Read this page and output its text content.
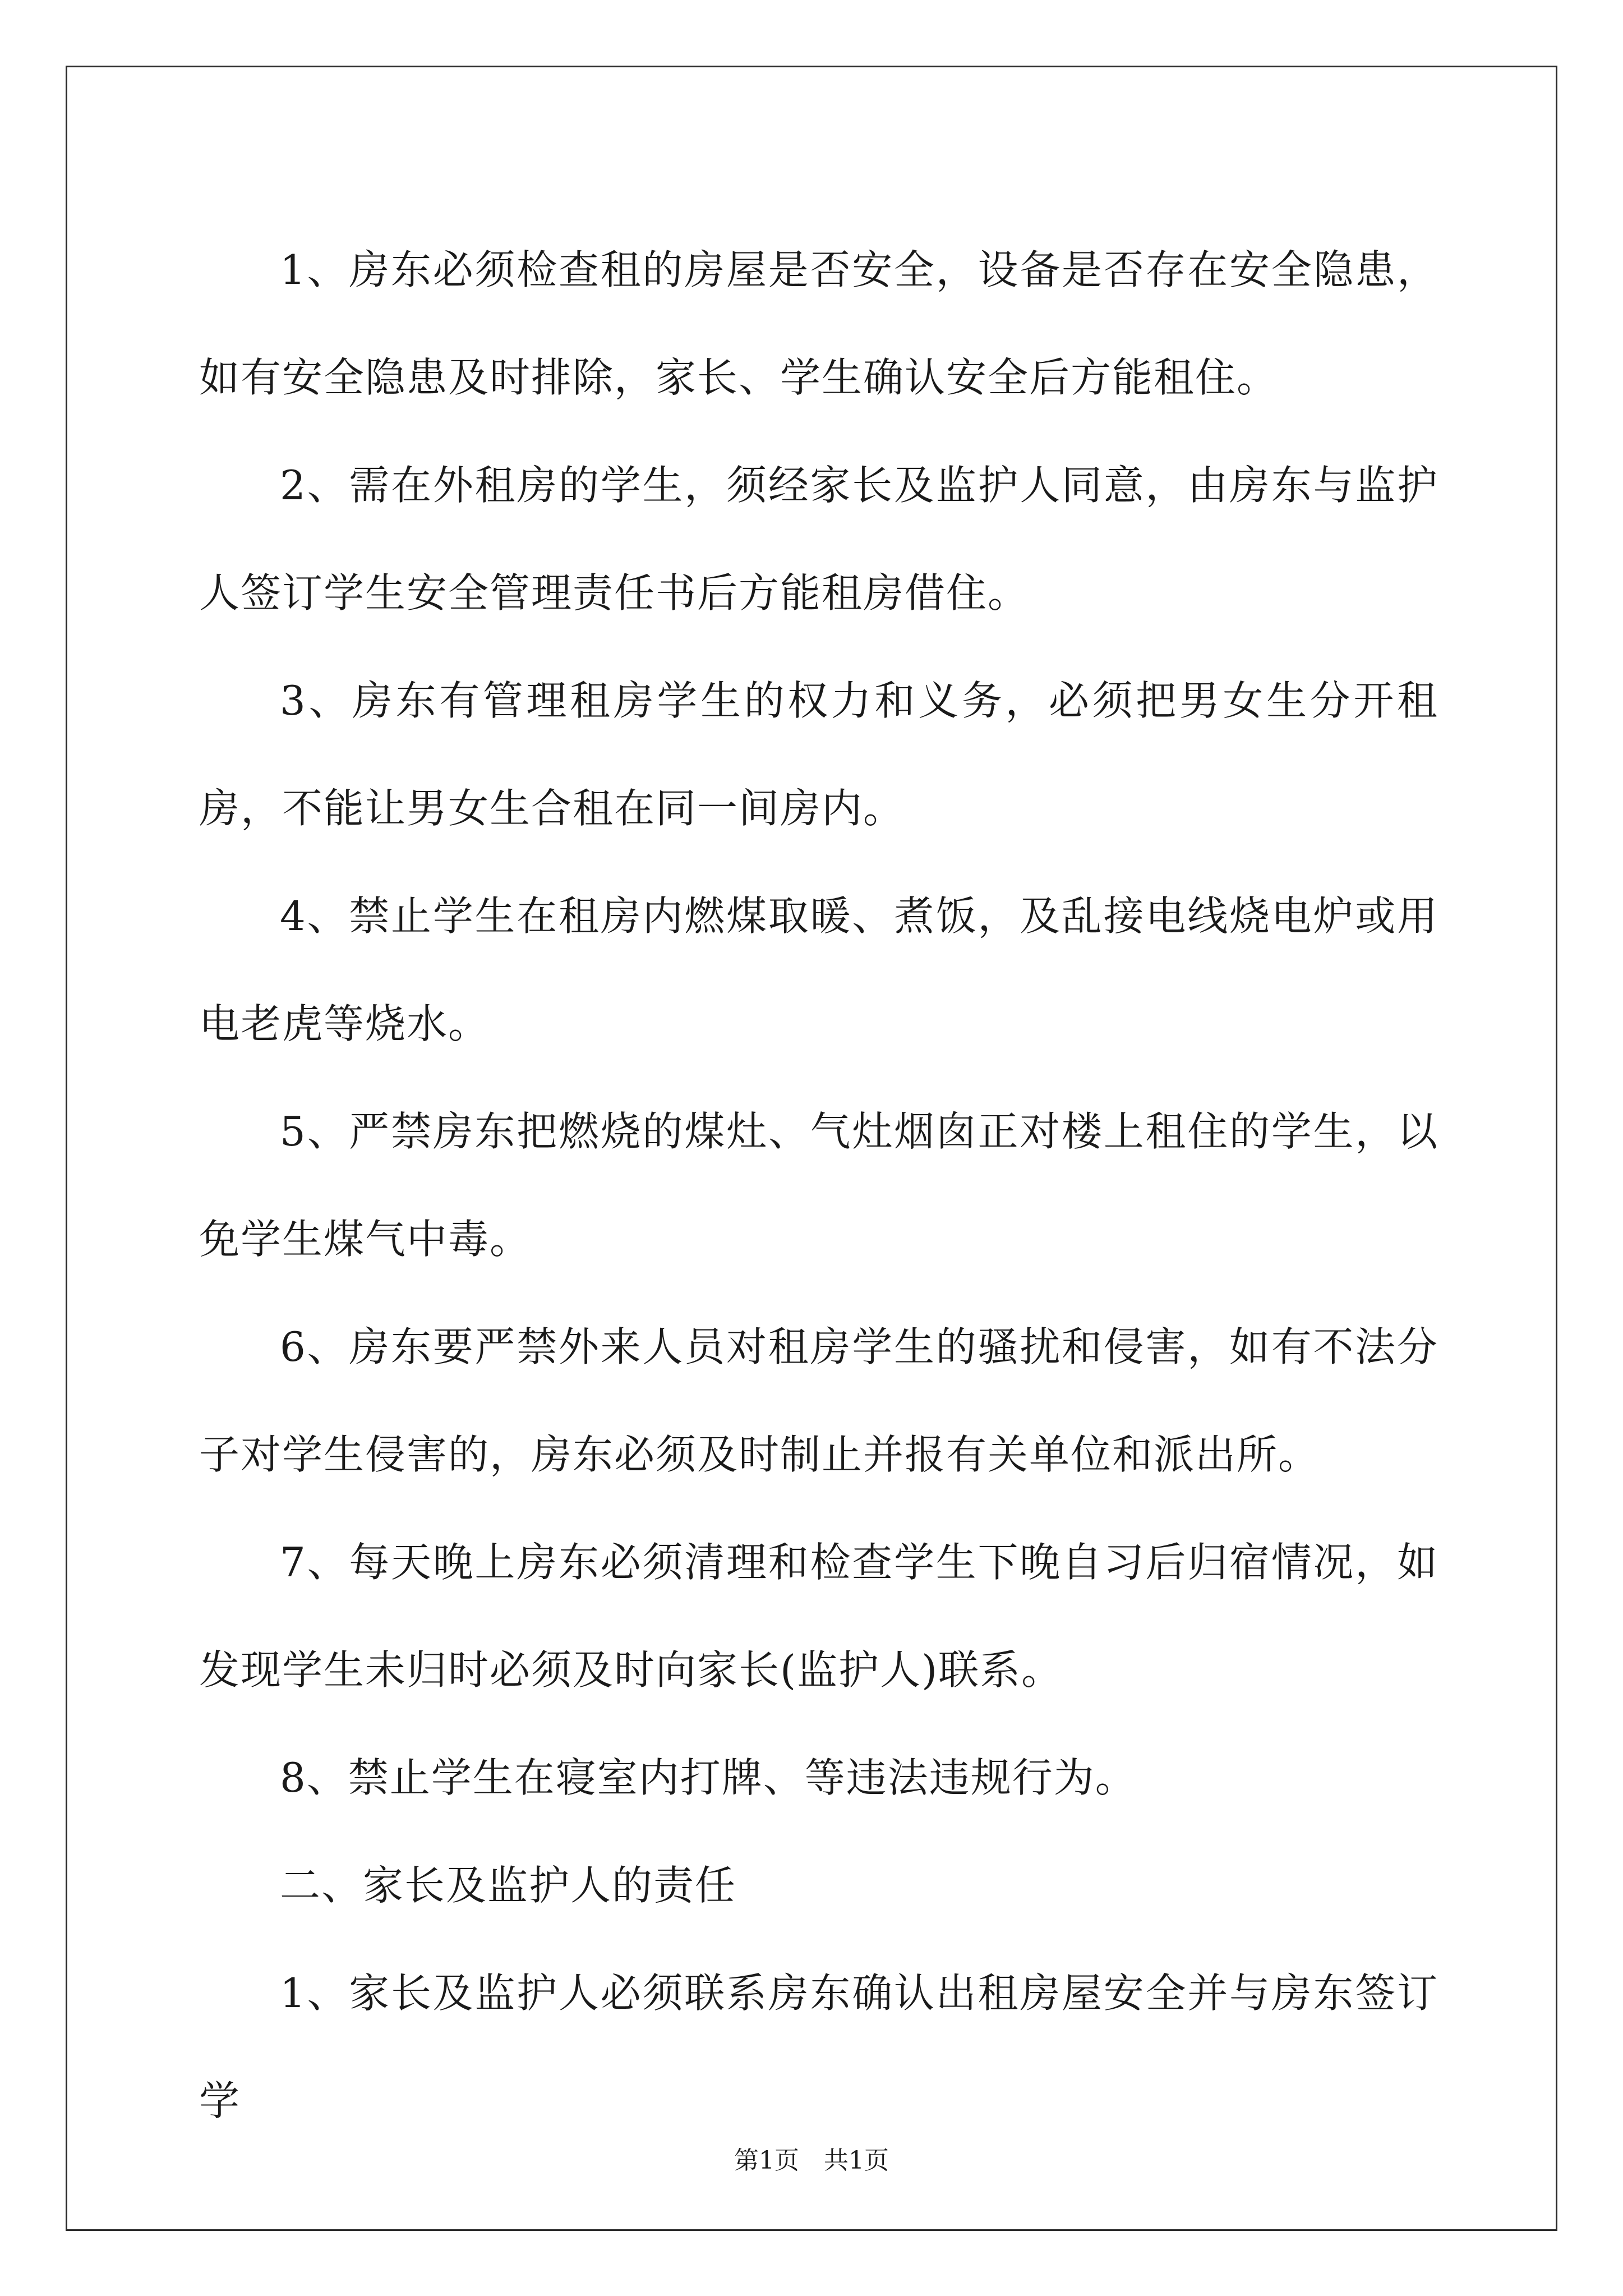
1、房东必须检查租的房屋是否安全，设备是否存在安全隐患，如有安全隐患及时排除，家长、学生确认安全后方能租住。

2、需在外租房的学生，须经家长及监护人同意，由房东与监护人签订学生安全管理责任书后方能租房借住。

3、房东有管理租房学生的权力和义务，必须把男女生分开租房，不能让男女生合租在同一间房内。

4、禁止学生在租房内燃煤取暖、煮饭，及乱接电线烧电炉或用电老虎等烧水。

5、严禁房东把燃烧的煤灶、气灶烟囱正对楼上租住的学生，以免学生煤气中毒。

6、房东要严禁外来人员对租房学生的骚扰和侵害，如有不法分子对学生侵害的，房东必须及时制止并报有关单位和派出所。

7、每天晚上房东必须清理和检查学生下晚自习后归宿情况，如发现学生未归时必须及时向家长(监护人)联系。

8、禁止学生在寝室内打牌、等违法违规行为。

二、家长及监护人的责任

1、家长及监护人必须联系房东确认出租房屋安全并与房东签订学

第1页 共1页
